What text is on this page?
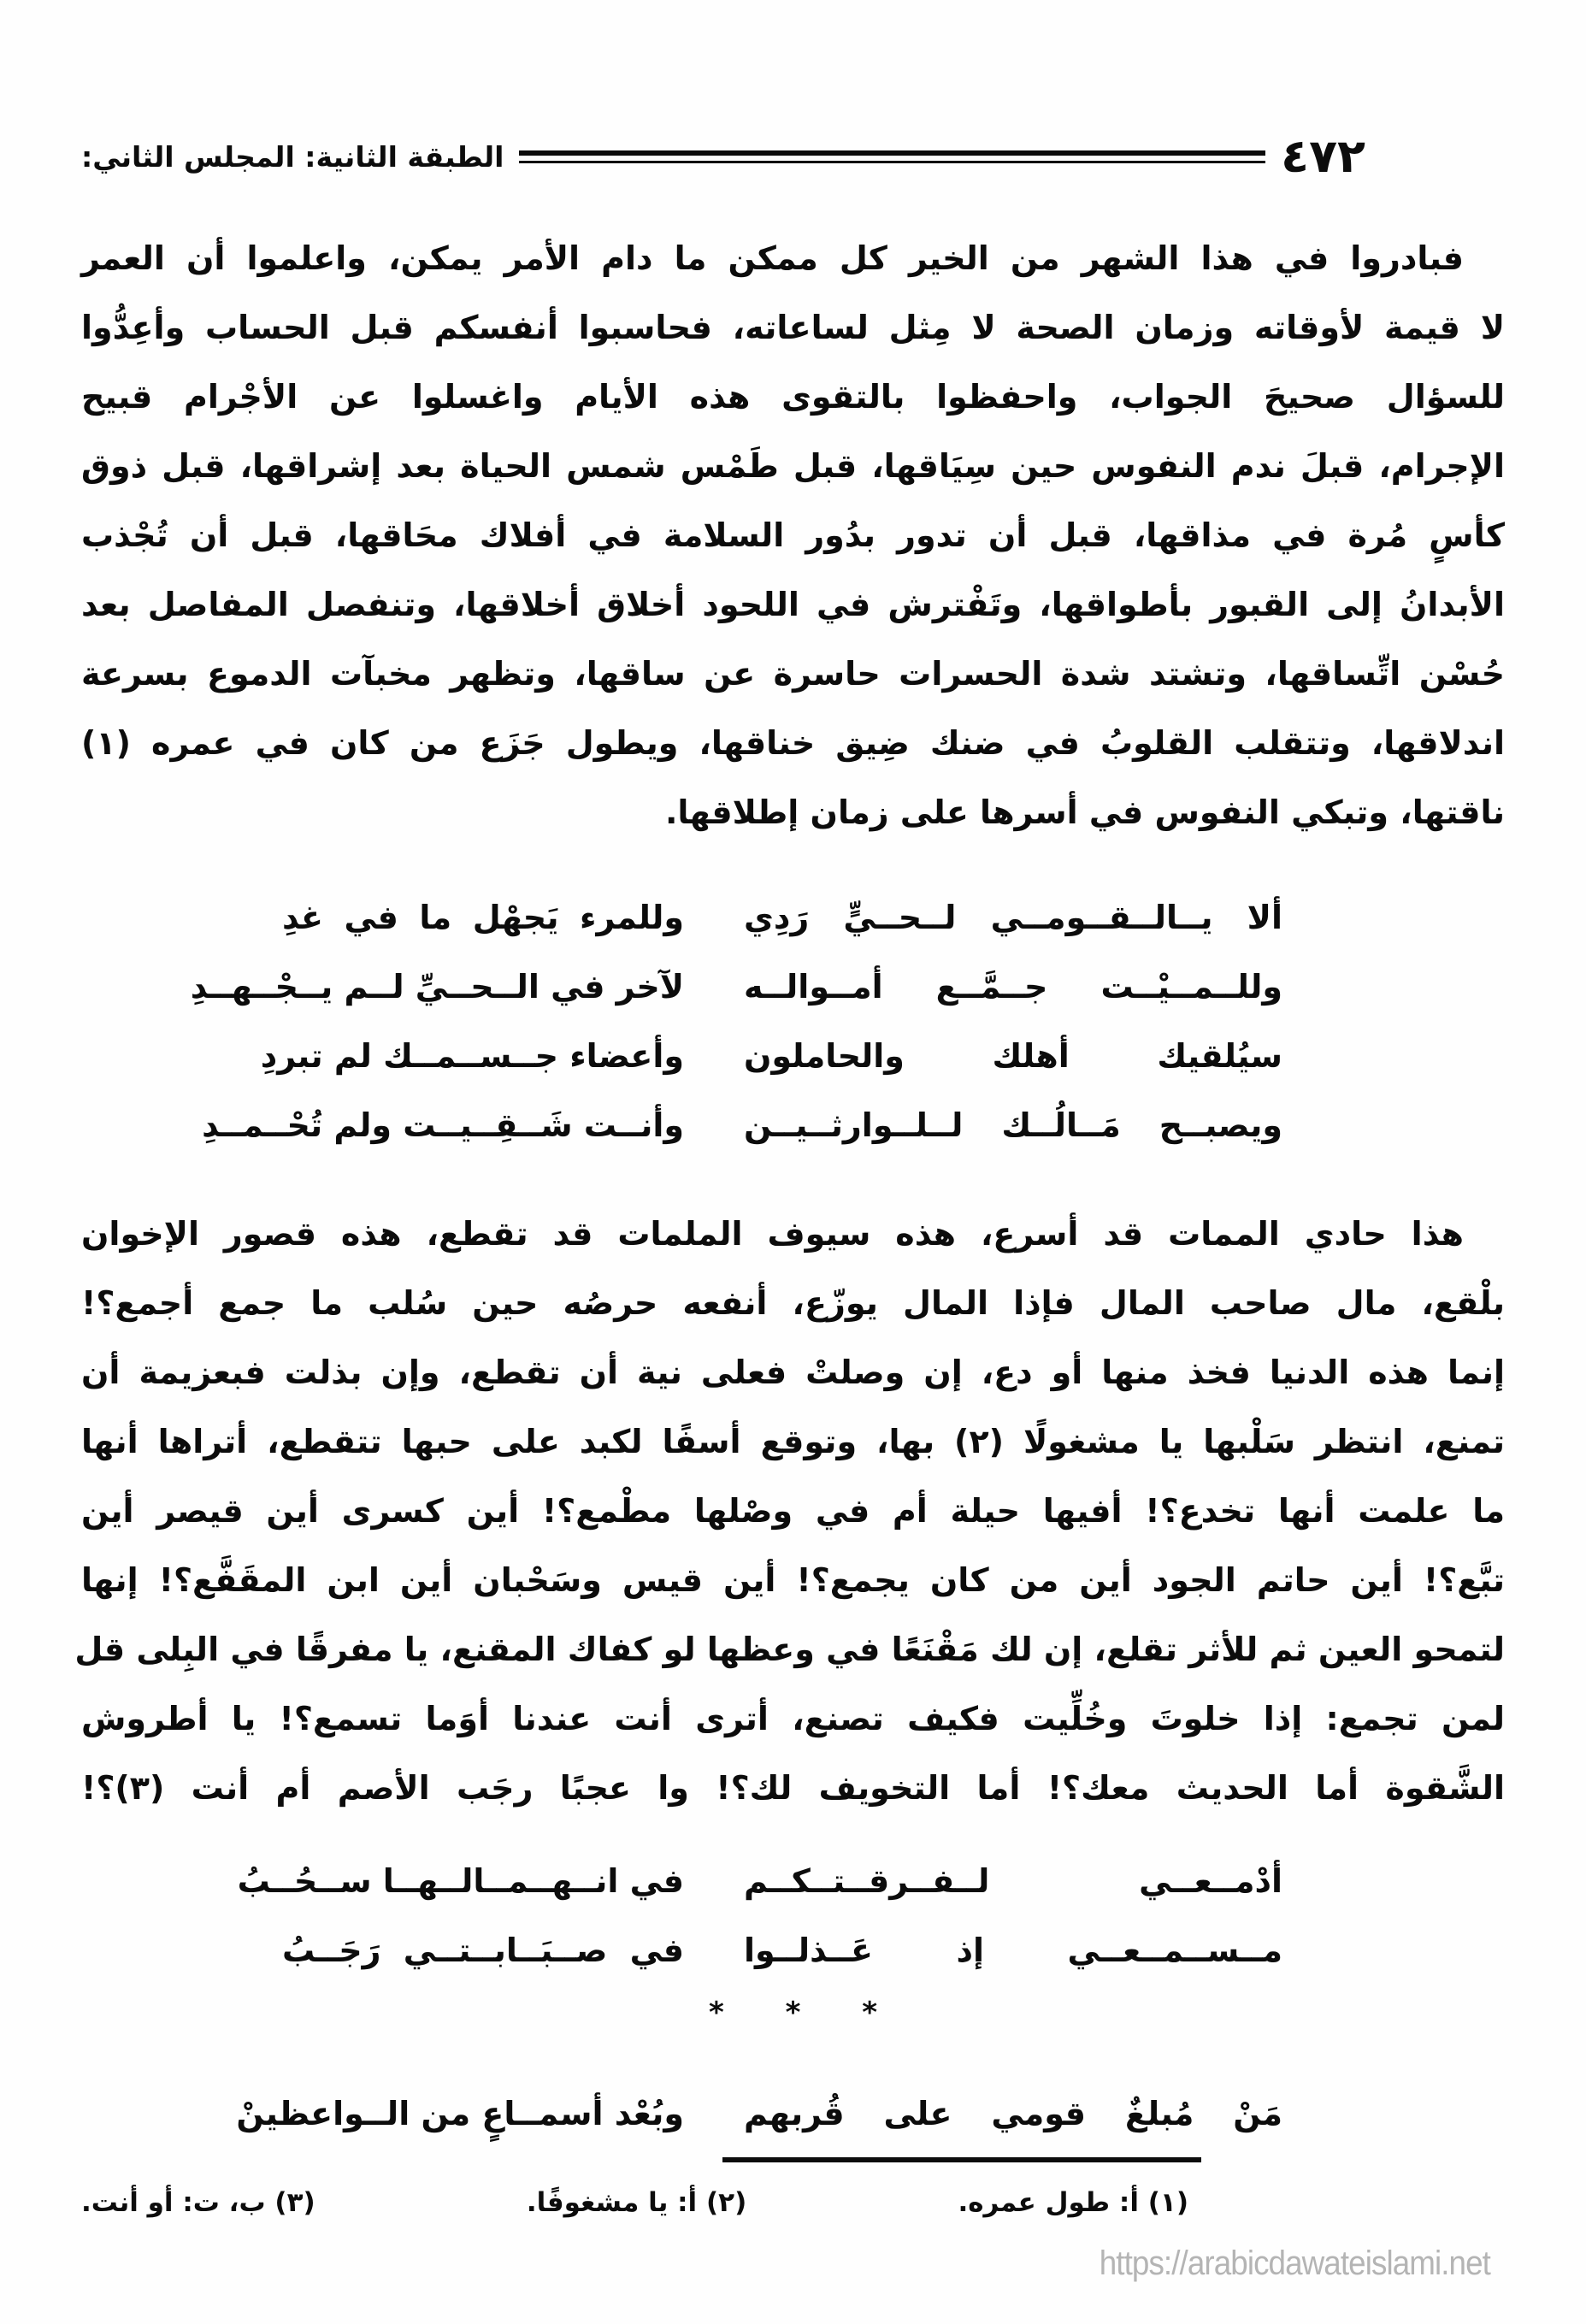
٤٧٢
الطبقة الثانية: المجلس الثاني:
فبادروا في هذا الشهر من الخير كل ممكن ما دام الأمر يمكن، واعلموا أن العمر
لا قيمة لأوقاته وزمان الصحة لا مِثل لساعاته، فحاسبوا أنفسكم قبل الحساب وأعِدُّوا
للسؤال صحيحَ الجواب، واحفظوا بالتقوى هذه الأيام واغسلوا عن الأجْرام قبيح
الإجرام، قبلَ ندم النفوس حين سِيَاقها، قبل طَمْس شمس الحياة بعد إشراقها، قبل ذوق
كأسٍ مُرة في مذاقها، قبل أن تدور بدُور السلامة في أفلاك محَاقها، قبل أن تُجْذب
الأبدانُ إلى القبور بأطواقها، وتَفْترش في اللحود أخلاق أخلاقها، وتنفصل المفاصل بعد
حُسْن اتِّساقها، وتشتد شدة الحسرات حاسرة عن ساقها، وتظهر مخبآت الدموع بسرعة
اندلاقها، وتتقلب القلوبُ في ضنك ضِيق خناقها، ويطول جَزَع من كان في عمره (١)
ناقتها، وتبكي النفوس في أسرها على زمان إطلاقها.
ألا يــالــقــومــي لــحــيٍّ رَدِي
وللمرء يَجهْل ما في غدِ
وللــمــيْــت جــمَّــع أمــوالــه
لآخر في الــحــيِّ لــم يــجْــهــدِ
سيُلقيك أهلك والحاملون
وأعضاء جــســمــك لم تبردِ
ويصبــح مَــالُــك لــلــوارثــيــن
وأنــت شَــقِــيــت ولم تُحْــمــدِ
هذا حادي الممات قد أسرع، هذه سيوف الملمات قد تقطع، هذه قصور الإخوان
بلْقع، مال صاحب المال فإذا المال يوزّع، أنفعه حرصُه حين سُلب ما جمع أجمع؟!
إنما هذه الدنيا فخذ منها أو دع، إن وصلتْ فعلى نية أن تقطع، وإن بذلت فبعزيمة أن
تمنع، انتظر سَلْبها يا مشغولًا (٢) بها، وتوقع أسفًا لكبد على حبها تتقطع، أتراها أنها
ما علمت أنها تخدع؟! أفيها حيلة أم في وصْلها مطْمع؟! أين كسرى أين قيصر أين
تبَّع؟! أين حاتم الجود أين من كان يجمع؟! أين قيس وسَحْبان أين ابن المقَفَّع؟! إنها
لتمحو العين ثم للأثر تقلع، إن لك مَقْنَعًا في وعظها لو كفاك المقنع، يا مفرقًا في البِلى قل
لمن تجمع: إذا خلوتَ وخُلِّيت فكيف تصنع، أترى أنت عندنا أوَما تسمع؟! يا أطروش
الشَّقوة أما الحديث معك؟! أما التخويف لك؟! وا عجبًا رجَب الأصم أم أنت (٣)؟!
أدْمــعــي لــفــرقــتــكــم
في انــهــمــالــهــا ســحُــبُ
مــســمــعــي إذ عَــذلــوا
في صــبَــابــتــي رَجَــبُ
* * *
مَنْ مُبلغٌ قومي على قُربهم
وبُعْد أسمــاعٍ من الــواعظينْ
(١) أ: طول عمره.
(٢) أ: يا مشغوفًا.
(٣) ب، ت: أو أنت.
https://arabicdawateislami.net
